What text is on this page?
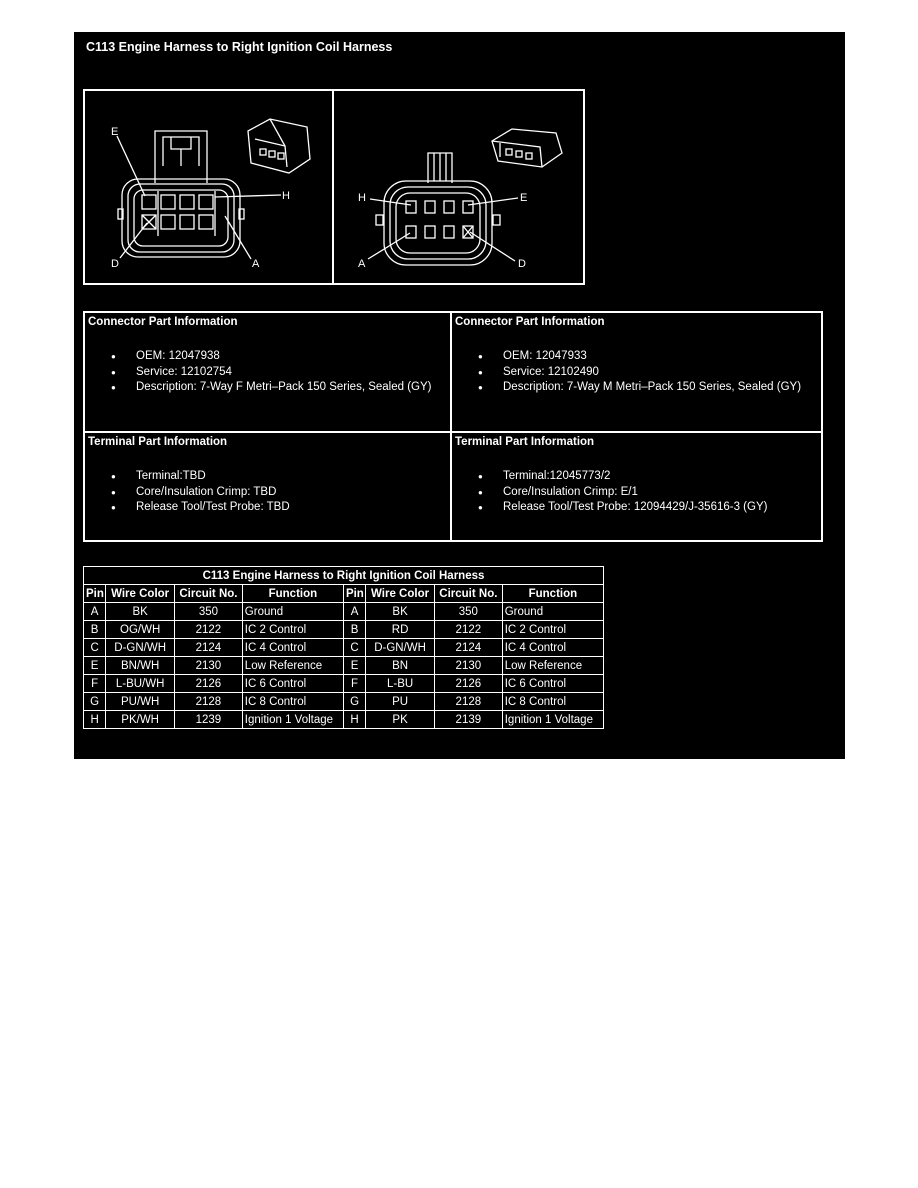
C113 Engine Harness to Right Ignition Coil Harness
E
H
D	A
H	E
A	D
Connector Part Information
● OEM: 12047938
● Service: 12102754
● Description: 7-Way F Metri–Pack 150 Series, Sealed (GY)
Connector Part Information
● OEM: 12047933
● Service: 12102490
● Description: 7-Way M Metri–Pack 150 Series, Sealed (GY)
Terminal Part Information
● Terminal:TBD
● Core/Insulation Crimp: TBD
● Release Tool/Test Probe: TBD
Terminal Part Information
● Terminal:12045773/2
● Core/Insulation Crimp: E/1
● Release Tool/Test Probe: 12094429/J-35616-3 (GY)
C113 Engine Harness to Right Ignition Coil Harness							
Pin	Wire Color	Circuit No.	Function	Pin	Wire Color	Circuit No.	Function
A	BK	350	Ground	A	BK	350	Ground
B	OG/WH	2122	IC 2 Control	B	RD	2122	IC 2 Control
C	D-GN/WH	2124	IC 4 Control	C	D-GN/WH	2124	IC 4 Control
E	BN/WH	2130	Low Reference	E	BN	2130	Low Reference
F	L-BU/WH	2126	IC 6 Control	F	L-BU	2126	IC 6 Control
G	PU/WH	2128	IC 8 Control	G	PU	2128	IC 8 Control
H	PK/WH	1239	Ignition 1 Voltage	H	PK	2139	Ignition 1 Voltage
